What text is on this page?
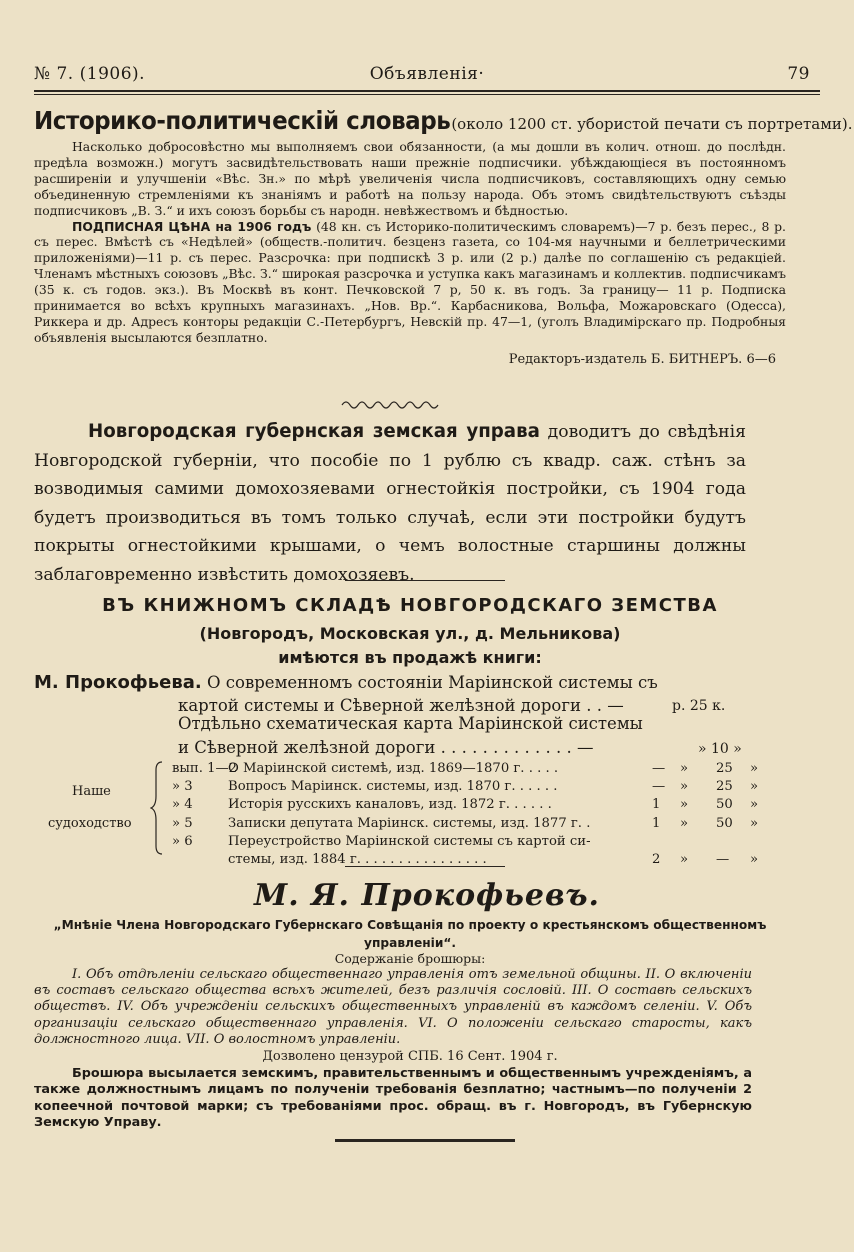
№ 7. (1906).	Объявленія·	79
Историко-политическій словарь (около 1200 ст. убористой печати съ портретами).

Насколько добросовѣстно мы выполняемъ свои обязанности, (а мы дошли въ колич. отнош. до послѣдн. предѣла возможн.) могутъ засвидѣтельствовать наши прежніе подписчики. убѣждающіеся въ постоянномъ расширеніи и улучшеніи «Вѣс. Зн.» по мѣрѣ увеличенія числа подписчиковъ, составляющихъ одну семью объединенную стремленіями къ знаніямъ и работѣ на пользу народа. Объ этомъ свидѣтельствуютъ съѣзды подписчиковъ „В. З.“ и ихъ союзъ борьбы съ народн. невѣжествомъ и бѣдностью.

ПОДПИСНАЯ ЦѢНА на 1906 годъ (48 кн. съ Историко-политическимъ словаремъ)—7 р. безъ перес., 8 р. съ перес. Вмѣстѣ съ «Недѣлей» (обществ.-политич. безценз газета, со 104-мя научными и беллетрическими приложеніями)—11 р. съ перес. Разсрочка: при подпискѣ 3 р. или (2 р.) далѣе по соглашенію съ редакціей. Членамъ мѣстныхъ союзовъ „Вѣс. З.“ широкая разсрочка и уступка какъ магазинамъ и коллектив. подписчикамъ (35 к. съ годов. экз.). Въ Москвѣ въ конт. Печковской 7 р, 50 к. въ годъ. За границу— 11 р. Подписка принимается во всѣхъ крупныхъ магазинахъ. „Нов. Вр.“. Карбасникова, Вольфа, Можаровскаго (Одесса), Риккера и др. Адресъ конторы редакціи С.-Петербургъ, Невскій пр. 47—1, (уголъ Владимірскаго пр. Подробныя объявленія высылаются безплатно.

Редакторъ-издатель Б. БИТНЕРЪ. 6—6

Новгородская губернская земская управа доводитъ до свѣдѣнія Новгородской губерніи, что пособіе по 1 рублю съ квадр. саж. стѣнъ за возводимыя самими домохозяевами огнестойкія постройки, съ 1904 года будетъ производиться въ томъ только случаѣ, если эти постройки будутъ покрыты огнестойкими крышами, о чемъ волостные старшины должны заблаговременно извѣстить домохозяевъ.

ВЪ КНИЖНОМЪ СКЛАДѢ НОВГОРОДСКАГО ЗЕМСТВА
(Новгородъ, Московская ул., д. Мельникова)
имѣются въ продажѣ книги:
М. Прокофьева. О современномъ состояніи Маріинской системы съ
картой системы и Сѣверной желѣзной дороги . . —	р. 25 к.
Отдѣльно схематическая карта Маріинской системы
и Сѣверной желѣзной дороги . . . . . . . . . . . . . —	» 10 »
Наше
судоходство
вып. 1—2О Маріинской системѣ, изд. 1869—1870 г. . . . .	— » 25 »
» 3	Вопросъ Маріинск. системы, изд. 1870 г. . . . . .	— » 25 »
» 4	Исторія русскихъ каналовъ, изд. 1872 г. . . . . .	1 » 50 »
» 5	Записки депутата Маріинск. системы, изд. 1877 г. .	1 » 50 »
» 6	Переустройство Маріинской системы съ картой си-
стемы, изд. 1884 г. . . . . . . . . . . . . . . .	2 » — »
М. Я. Прокофьевъ.
„Мнѣніе Члена Новгородскаго Губернскаго Совѣщанія по проекту о крестьянскомъ общественномъ управленіи“.
Содержаніе брошюры:

I. Объ отдѣленіи сельскаго общественнаго управленія отъ земельной общины. II. О включеніи въ составъ сельскаго общества всѣхъ жителей, безъ различія сословій. III. О составѣ сельскихъ обществъ. IV. Объ учрежденіи сельскихъ общественныхъ управленій въ каждомъ селеніи. V. Объ организаціи сельскаго общественнаго управленія. VI. О положеніи сельскаго старосты, какъ должностного лица. VII. О волостномъ управленіи.

Дозволено цензурой СПБ. 16 Сент. 1904 г.

Брошюра высылается земскимъ, правительственнымъ и общественнымъ учрежденіямъ, а также должностнымъ лицамъ по полученіи требованія безплатно; частнымъ—по полученіи 2 копеечной почтовой марки; съ требованіями прос. обращ. въ г. Новгородъ, въ Губернскую Земскую Управу.
